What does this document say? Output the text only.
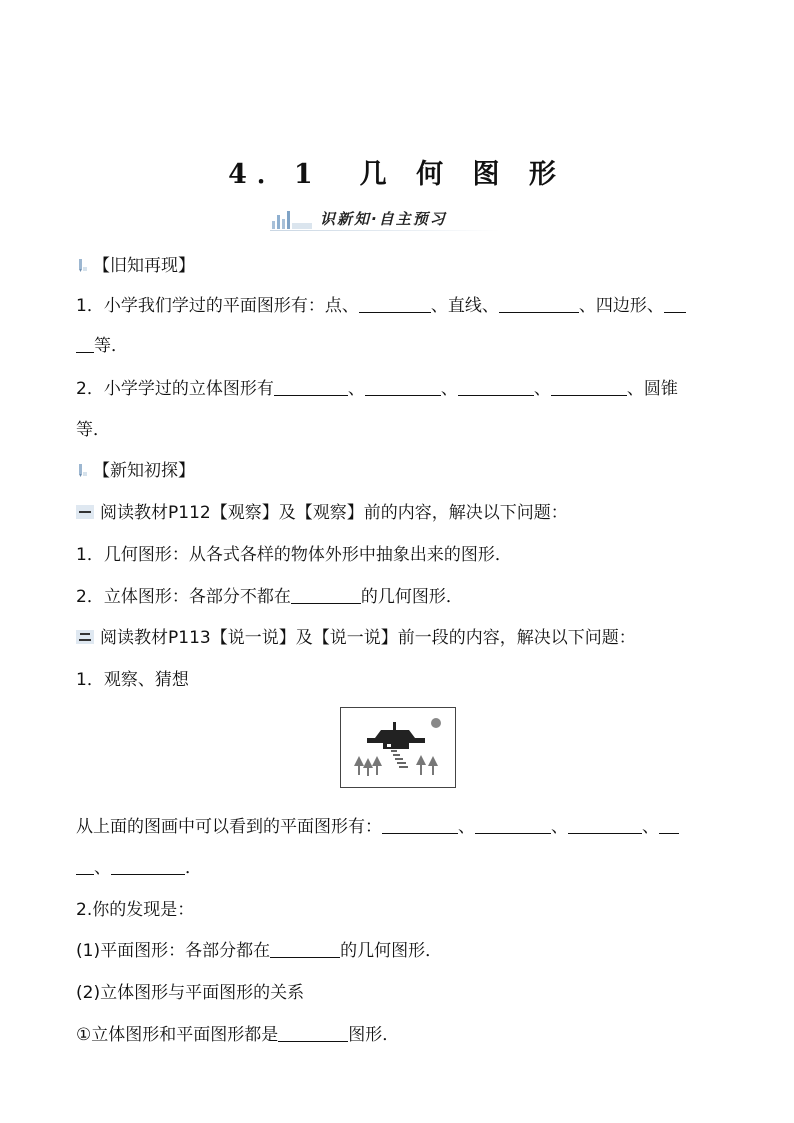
4．1　几 何 图 形
识新知·自主预习
【旧知再现】
1．小学我们学过的平面图形有：点、	、直线、	、四边形、
等．
2．小学学过的立体图形有	、	、	、	、圆锥
等．
【新知初探】
阅读教材P112【观察】及【观察】前的内容，解决以下问题：
1．几何图形：从各式各样的物体外形中抽象出来的图形．
2．立体图形：各部分不都在	的几何图形．
阅读教材P113【说一说】及【说一说】前一段的内容，解决以下问题：
1．观察、猜想
从上面的图画中可以看到的平面图形有：	、	、	、
、	．
2.你的发现是：
(1)平面图形：各部分都在	的几何图形．
(2)立体图形与平面图形的关系
①立体图形和平面图形都是	图形．
